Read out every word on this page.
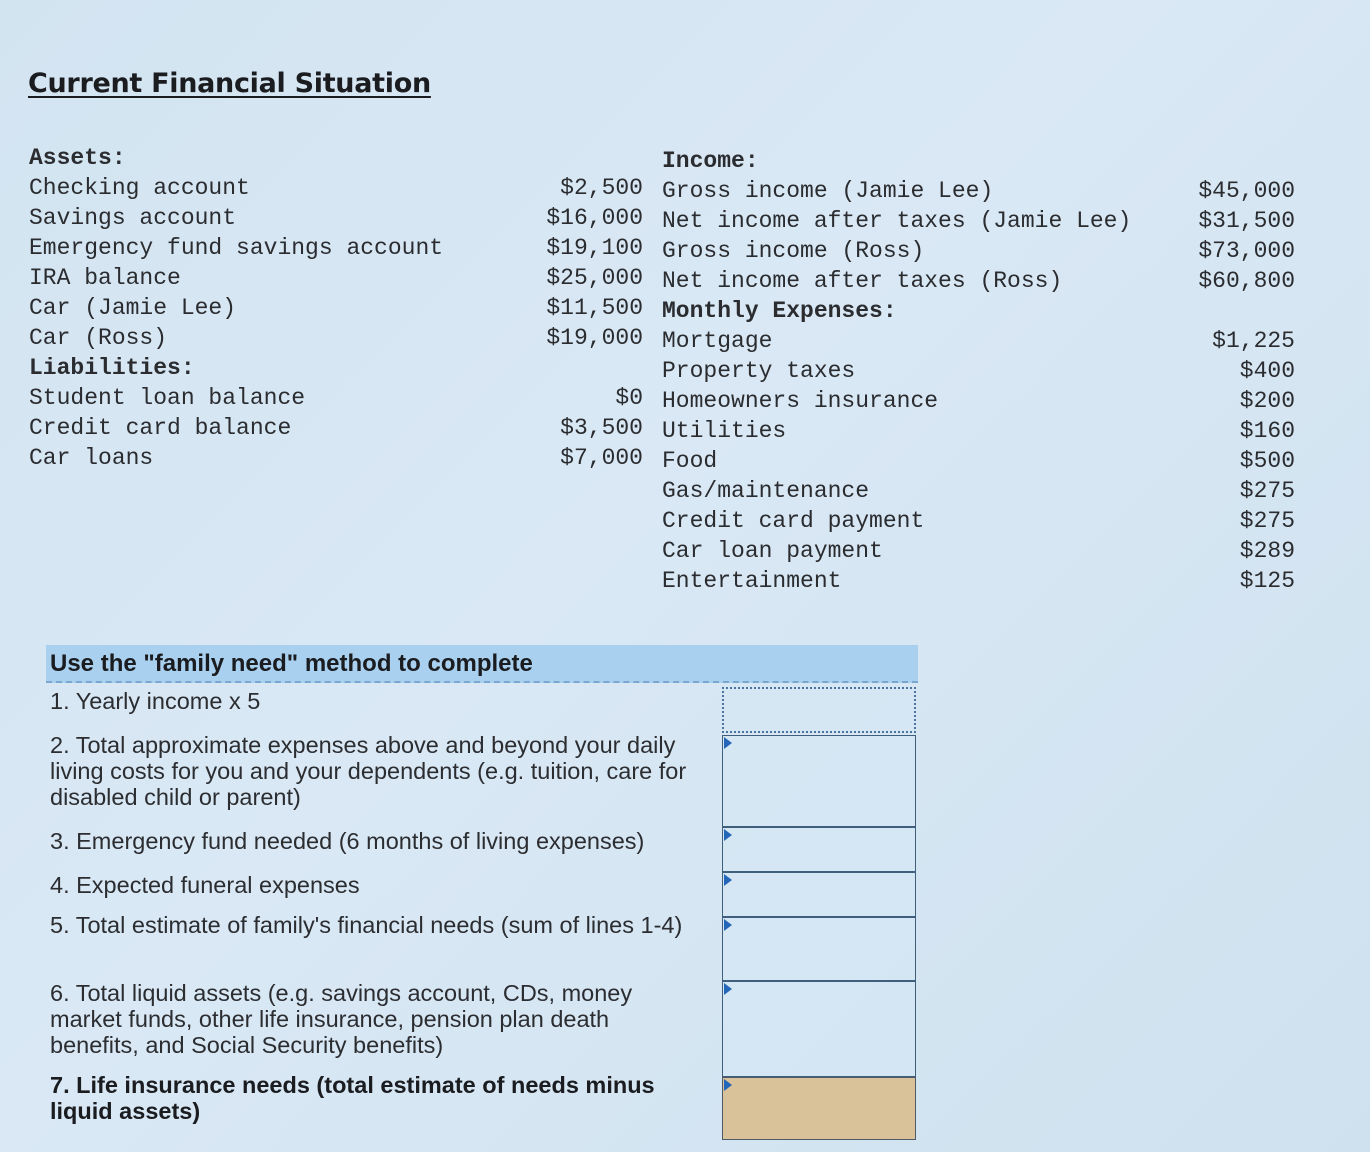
Current Financial Situation
Assets:
Checking account
Savings account
Emergency fund savings account
IRA balance
Car (Jamie Lee)
Car (Ross)
Liabilities:
Student loan balance
Credit card balance
Car loans
$2,500
$16,000
$19,100
$25,000
$11,500
$19,000
$0
$3,500
$7,000
Income:
Gross income (Jamie Lee)
Net income after taxes (Jamie Lee)
Gross income (Ross)
Net income after taxes (Ross)
Monthly Expenses:
Mortgage
Property taxes
Homeowners insurance
Utilities
Food
Gas/maintenance
Credit card payment
Car loan payment
Entertainment
$45,000
$31,500
$73,000
$60,800
$1,225
$400
$200
$160
$500
$275
$275
$289
$125
Use the "family need" method to complete
1. Yearly income x 5
2. Total approximate expenses above and beyond your daily living costs for you and your dependents (e.g. tuition, care for disabled child or parent)
3. Emergency fund needed (6 months of living expenses)
4. Expected funeral expenses
5. Total estimate of family's financial needs (sum of lines 1-4)
6. Total liquid assets (e.g. savings account, CDs, money market funds, other life insurance, pension plan death benefits, and Social Security benefits)
7. Life insurance needs (total estimate of needs minus liquid assets)
